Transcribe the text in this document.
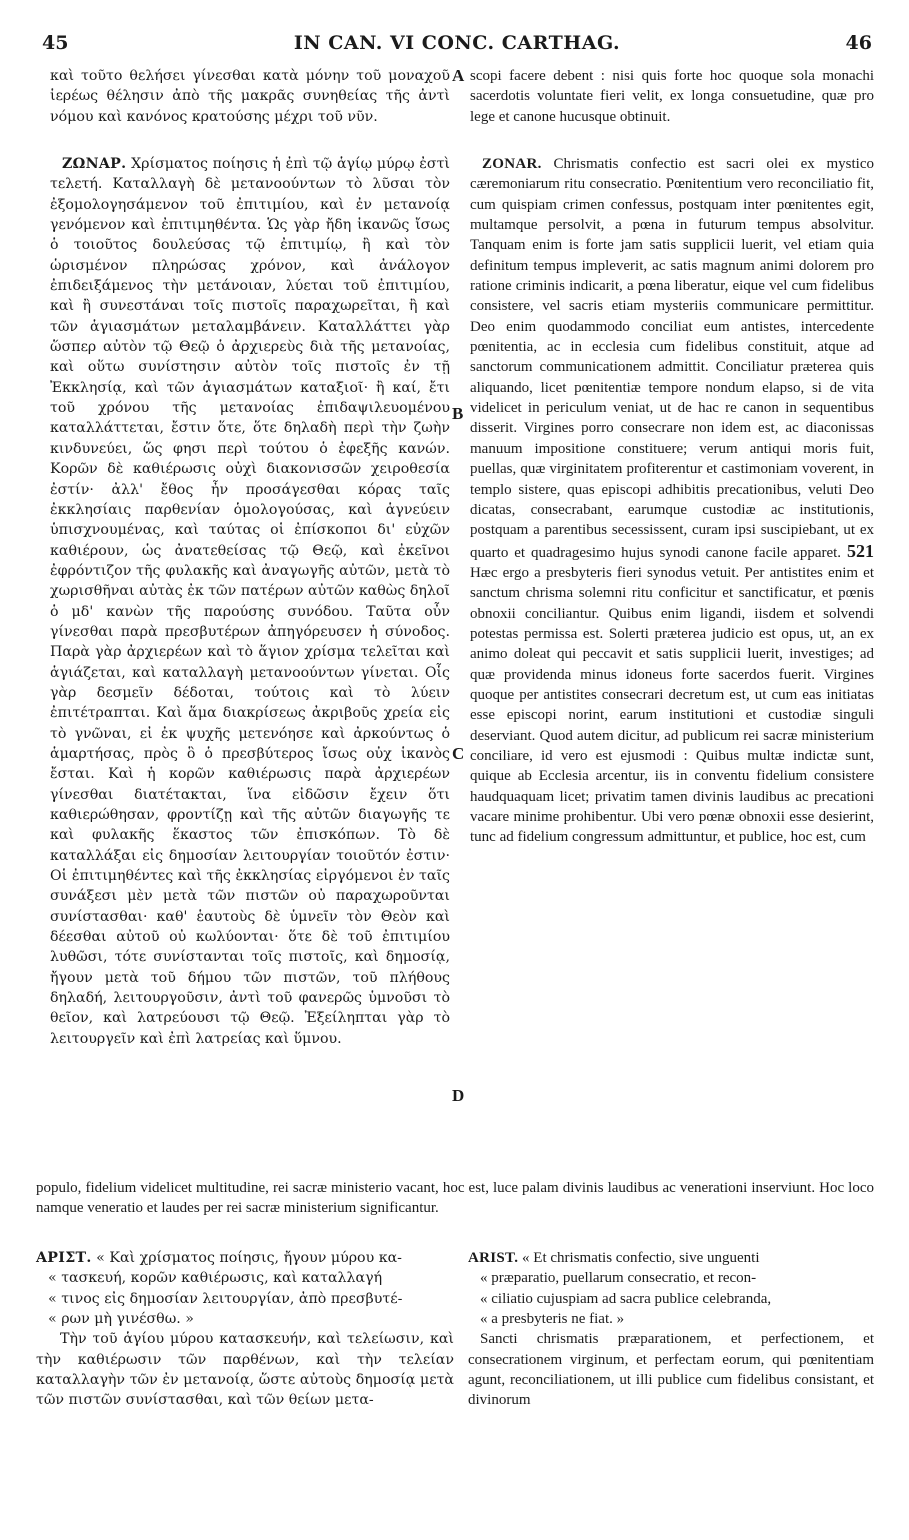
45	IN CAN. VI CONC. CARTHAG.	46

καὶ τοῦτο θελήσει γίνεσθαι κατὰ μόνην τοῦ μοναχοῦ ἱερέως θέλησιν ἀπὸ τῆς μακρᾶς συνηθείας τῆς ἀντὶ νόμου καὶ κανόνος κρατούσης μέχρι τοῦ νῦν.

scopi facere debent : nisi quis forte hoc quoque sola monachi sacerdotis voluntate fieri velit, ex longa consuetudine, quæ pro lege et canone hucusque obtinuit.

A
B
C
D

ΖΩΝΑΡ. Χρίσματος ποίησις ἡ ἐπὶ τῷ ἁγίῳ μύρῳ ἐστὶ τελετή. Καταλλαγὴ δὲ μετανοούντων τὸ λῦσαι τὸν ἐξομολογησάμενον τοῦ ἐπιτιμίου, καὶ ἐν μετανοίᾳ γενόμενον καὶ ἐπιτιμηθέντα. Ὡς γὰρ ἤδη ἱκανῶς ἴσως ὁ τοιοῦτος δουλεύσας τῷ ἐπιτιμίῳ, ἢ καὶ τὸν ὡρισμένον πληρώσας χρόνον, καὶ ἀνάλογον ἐπιδειξάμενος τὴν μετάνοιαν, λύεται τοῦ ἐπιτιμίου, καὶ ἢ συνεστάναι τοῖς πιστοῖς παραχωρεῖται, ἢ καὶ τῶν ἁγιασμάτων μεταλαμβάνειν. Καταλλάττει γὰρ ὥσπερ αὐτὸν τῷ Θεῷ ὁ ἀρχιερεὺς διὰ τῆς μετανοίας, καὶ οὕτω συνίστησιν αὐτὸν τοῖς πιστοῖς ἐν τῇ Ἐκκλησίᾳ, καὶ τῶν ἁγιασμάτων καταξιοῖ· ἢ καί, ἔτι τοῦ χρόνου τῆς μετανοίας ἐπιδαψιλευομένου καταλλάττεται, ἔστιν ὅτε, ὅτε δηλαδὴ περὶ τὴν ζωὴν κινδυνεύει, ὥς φησι περὶ τούτου ὁ ἐφεξῆς κανών. Κορῶν δὲ καθιέρωσις οὐχὶ διακονισσῶν χειροθεσία ἐστίν· ἀλλ' ἔθος ἦν προσάγεσθαι κόρας ταῖς ἐκκλησίαις παρθενίαν ὁμολογούσας, καὶ ἁγνεύειν ὑπισχνουμένας, καὶ ταύτας οἱ ἐπίσκοποι δι' εὐχῶν καθιέρουν, ὡς ἀνατεθείσας τῷ Θεῷ, καὶ ἐκεῖνοι ἐφρόντιζον τῆς φυλακῆς καὶ ἀναγωγῆς αὐτῶν, μετὰ τὸ χωρισθῆναι αὐτὰς ἐκ τῶν πατέρων αὐτῶν καθὼς δηλοῖ ὁ μδ' κανὼν τῆς παρούσης συνόδου. Ταῦτα οὖν γίνεσθαι παρὰ πρεσβυτέρων ἀπηγόρευσεν ἡ σύνοδος. Παρὰ γὰρ ἀρχιερέων καὶ τὸ ἅγιον χρίσμα τελεῖται καὶ ἁγιάζεται, καὶ καταλλαγὴ μετανοούντων γίνεται. Οἷς γὰρ δεσμεῖν δέδοται, τούτοις καὶ τὸ λύειν ἐπιτέτραπται. Καὶ ἅμα διακρίσεως ἀκριβοῦς χρεία εἰς τὸ γνῶναι, εἰ ἐκ ψυχῆς μετενόησε καὶ ἀρκούντως ὁ ἁμαρτήσας, πρὸς ὃ ὁ πρεσβύτερος ἴσως οὐχ ἱκανὸς ἔσται. Καὶ ἡ κορῶν καθιέρωσις παρὰ ἀρχιερέων γίνεσθαι διατέτακται, ἵνα εἰδῶσιν ἔχειν ὅτι καθιερώθησαν, φροντίζῃ καὶ τῆς αὐτῶν διαγωγῆς τε καὶ φυλακῆς ἕκαστος τῶν ἐπισκόπων. Τὸ δὲ καταλλάξαι εἰς δημοσίαν λειτουργίαν τοιοῦτόν ἐστιν· Οἱ ἐπιτιμηθέντες καὶ τῆς ἐκκλησίας εἰργόμενοι ἐν ταῖς συνάξεσι μὲν μετὰ τῶν πιστῶν οὐ παραχωροῦνται συνίστασθαι· καθ' ἑαυτοὺς δὲ ὑμνεῖν τὸν Θεὸν καὶ δέεσθαι αὐτοῦ οὐ κωλύονται· ὅτε δὲ τοῦ ἐπιτιμίου λυθῶσι, τότε συνίστανται τοῖς πιστοῖς, καὶ δημοσίᾳ, ἤγουν μετὰ τοῦ δήμου τῶν πιστῶν, τοῦ πλήθους δηλαδή, λειτουργοῦσιν, ἀντὶ τοῦ φανερῶς ὑμνοῦσι τὸ θεῖον, καὶ λατρεύουσι τῷ Θεῷ. Ἐξείληπται γὰρ τὸ λειτουργεῖν καὶ ἐπὶ λατρείας καὶ ὕμνου.

ZONAR. Chrismatis confectio est sacri olei ex mystico cæremoniarum ritu consecratio. Pœnitentium vero reconciliatio fit, cum quispiam crimen confessus, postquam inter pœnitentes egit, multamque persolvit, a pœna in futurum tempus absolvitur. Tanquam enim is forte jam satis supplicii luerit, vel etiam quia definitum tempus impleverit, ac satis magnum animi dolorem pro ratione criminis indicarit, a pœna liberatur, eique vel cum fidelibus consistere, vel sacris etiam mysteriis communicare permittitur. Deo enim quodammodo conciliat eum antistes, intercedente pœnitentia, ac in ecclesia cum fidelibus constituit, atque ad sanctorum communicationem admittit. Conciliatur præterea quis aliquando, licet pœnitentiæ tempore nondum elapso, si de vita videlicet in periculum veniat, ut de hac re canon in sequentibus disserit. Virgines porro consecrare non idem est, ac diaconissas manuum impositione constituere; verum antiqui moris fuit, puellas, quæ virginitatem profiterentur et castimoniam voverent, in templo sistere, quas episcopi adhibitis precationibus, veluti Deo dicatas, consecrabant, earumque custodiæ ac institutionis, postquam a parentibus secessissent, curam ipsi suscipiebant, ut ex quarto et quadragesimo hujus synodi canone facile apparet. 521 Hæc ergo a presbyteris fieri synodus vetuit. Per antistites enim et sanctum chrisma solemni ritu conficitur et sanctificatur, et pœnis obnoxii conciliantur. Quibus enim ligandi, iisdem et solvendi potestas permissa est. Solerti præterea judicio est opus, ut, an ex animo doleat qui peccavit et satis supplicii luerit, investiges; ad quæ providenda minus idoneus forte sacerdos fuerit. Virgines quoque per antistites consecrari decretum est, ut cum eas initiatas esse episcopi norint, earum institutioni et custodiæ singuli deserviant. Quod autem dicitur, ad publicum rei sacræ ministerium conciliare, id vero est ejusmodi : Quibus multæ indictæ sunt, quique ab Ecclesia arcentur, iis in conventu fidelium consistere haudquaquam licet; privatim tamen divinis laudibus ac precationi vacare minime prohibentur. Ubi vero pœnæ obnoxii esse desierint, tunc ad fidelium congressum admittuntur, et publice, hoc est, cum

populo, fidelium videlicet multitudine, rei sacræ ministerio vacant, hoc est, luce palam divinis laudibus ac venerationi inserviunt. Hoc loco namque veneratio et laudes per rei sacræ ministerium significantur.

ΑΡΙΣΤ. « Καὶ χρίσματος ποίησις, ἤγουν μύρου κα-
« τασκευή, κορῶν καθιέρωσις, καὶ καταλλαγή
« τινος εἰς δημοσίαν λειτουργίαν, ἀπὸ πρεσβυτέ-
« ρων μὴ γινέσθω. »

Τὴν τοῦ ἁγίου μύρου κατασκευήν, καὶ τελείωσιν, καὶ τὴν καθιέρωσιν τῶν παρθένων, καὶ τὴν τελείαν καταλλαγὴν τῶν ἐν μετανοίᾳ, ὥστε αὐτοὺς δημοσίᾳ μετὰ τῶν πιστῶν συνίστασθαι, καὶ τῶν θείων μετα-

ARIST. « Et chrismatis confectio, sive unguenti
« præparatio, puellarum consecratio, et recon-
« ciliatio cujuspiam ad sacra publice celebranda,
« a presbyteris ne fiat. »

Sancti chrismatis præparationem, et perfectionem, et consecrationem virginum, et perfectam eorum, qui pœnitentiam agunt, reconciliationem, ut illi publice cum fidelibus consistant, et divinorum
